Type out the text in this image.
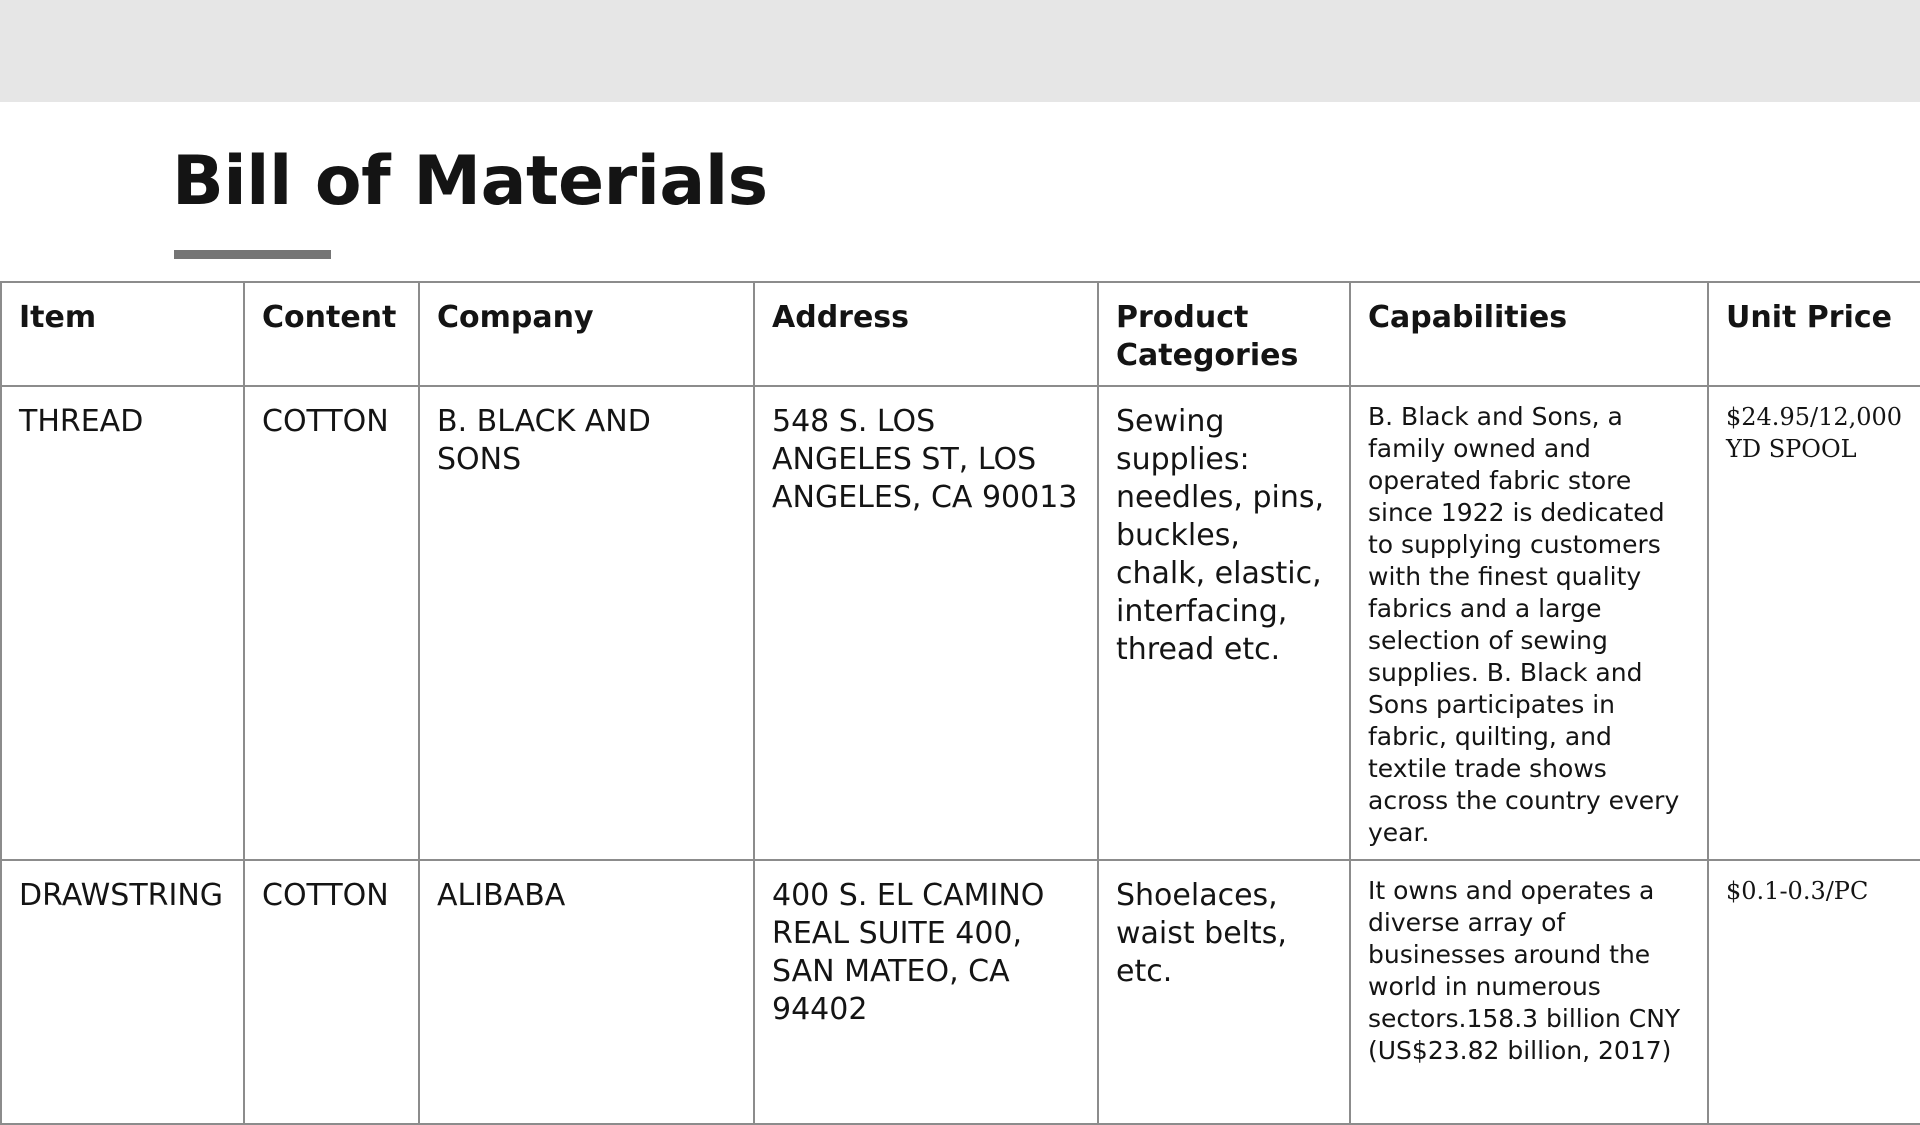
Bill of Materials
Item	Content	Company	Address	Product Categories	Capabilities	Unit Price
THREAD	COTTON	B. BLACK AND SONS	548 S. LOS ANGELES ST, LOS ANGELES, CA 90013	Sewing supplies: needles, pins, buckles, chalk, elastic, interfacing, thread etc.	B. Black and Sons, a family owned and operated fabric store since 1922 is dedicated to supplying customers with the finest quality fabrics and a large selection of sewing supplies. B. Black and Sons participates in fabric, quilting, and textile trade shows across the country every year.	$24.95/12,000 YD SPOOL
DRAWSTRING	COTTON	ALIBABA	400 S. EL CAMINO REAL SUITE 400, SAN MATEO, CA 94402	Shoelaces, waist belts, etc.	It owns and operates a diverse array of businesses around the world in numerous sectors.158.3 billion CNY (US$23.82 billion, 2017)	$0.1-0.3/PC
